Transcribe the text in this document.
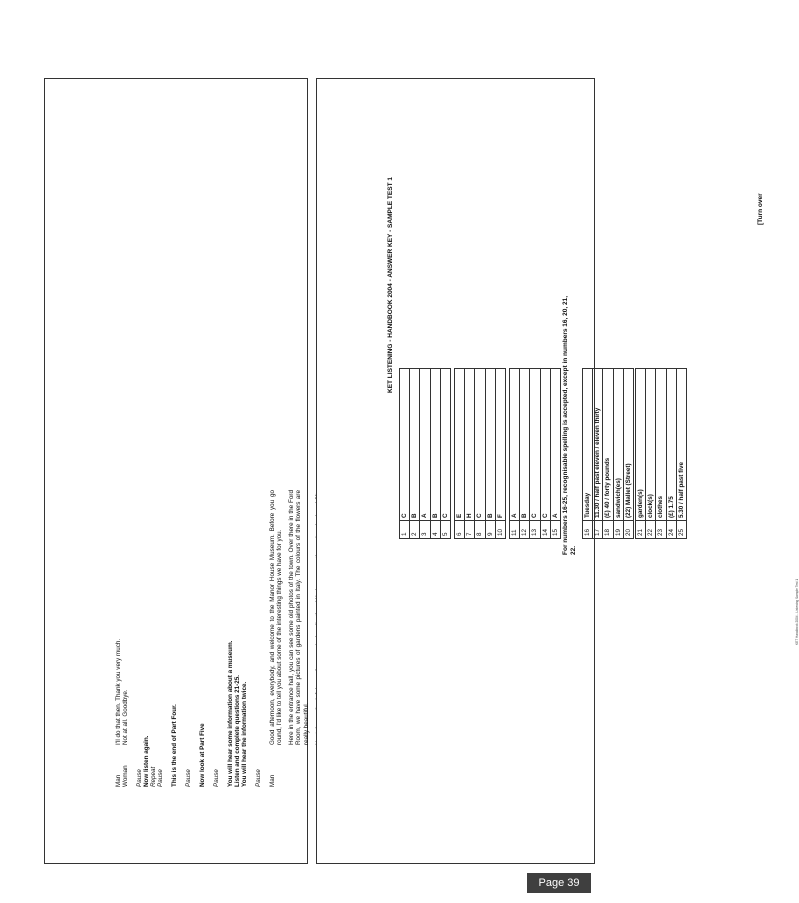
Man
I'll do that then. Thank you very much.
Woman
Not at all. Goodbye.
Pause Now listen again. Repeat Pause This is the end of Part Four. Pause Now look at Part Five Pause You will hear some information about a museum. Listen and complete questions 21-25. You will hear the information twice. Pause Man
Good afternoon, everybody, and welcome to the Manor House Museum. Before you go round, I'd like to tell you about some of the interesting things we have for you. Here in the entrance hall, you can see some old photos of the town. Over there in the Ford Room, we have some pictures of gardens painted in Italy. The colours of the flowers are really beautiful.
KET LISTENING - HANDBOOK 2004 - ANSWER KEY - SAMPLE TEST 1
1	C
2	B
3	A
4	B
5	C
6	E
7	H
8	C
9	B
10	F
11	A
12	B
13	C
14	C
15	A For numbers 16-25, recognisable spelling is accepted, except in numbers 16, 20, 21, 22.
16	Tuesday
17	11.30 / half past eleven / eleven thirty
18	(£) 40 / forty pounds
19	sandwich(es)
20	(22) Mallet (Street)
21	garden(s)
22	clock(s)
23	clothes
24	(£) 1.75
25	5.30 / half past five
[Turn over
KET Handbook 2004 - Listening Sample Test 1
Page 39
